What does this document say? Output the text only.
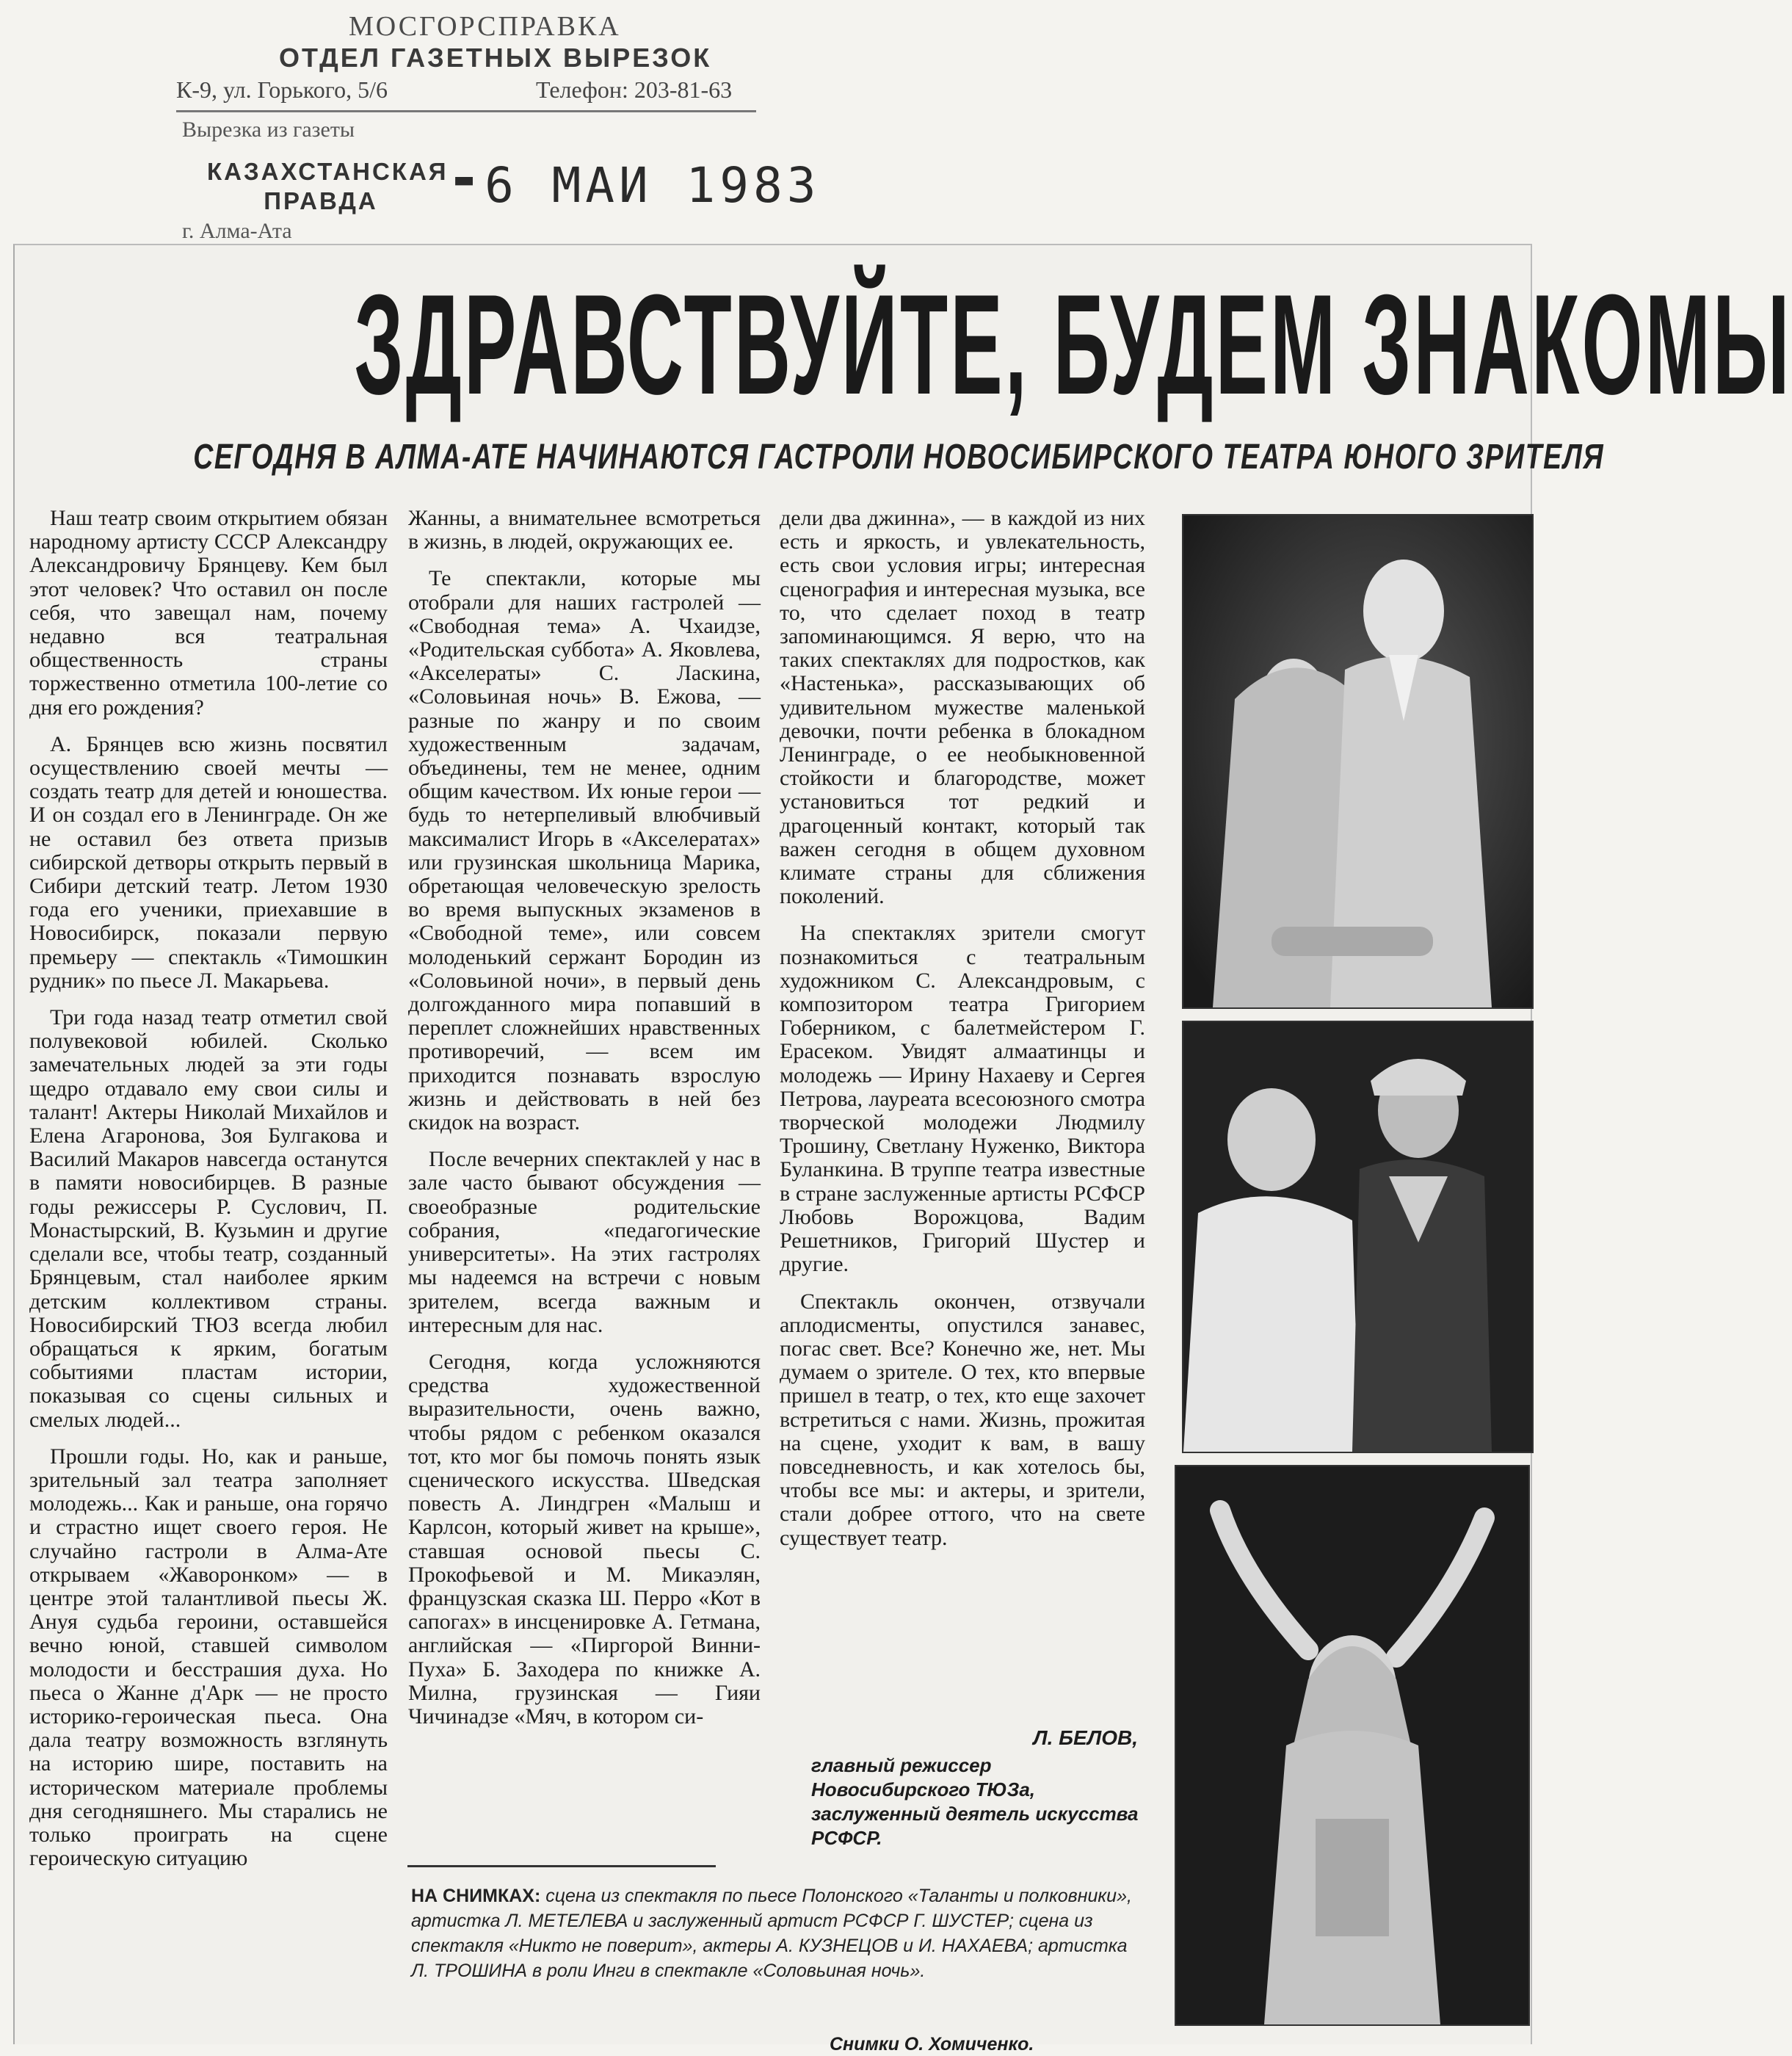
МОСГОРСПРАВКА
ОТДЕЛ ГАЗЕТНЫХ ВЫРЕЗОК
К-9, ул. Горького, 5/6	Телефон: 203-81-63
Вырезка из газеты
КАЗАХСТАНСКАЯ
ПРАВДА
г. Алма-Ата
▬ 6 МАИ 1983
ЗДРАВСТВУЙТЕ, БУДЕМ ЗНАКОМЫ
СЕГОДНЯ В АЛМА-АТЕ НАЧИНАЮТСЯ ГАСТРОЛИ НОВОСИБИРСКОГО ТЕАТРА ЮНОГО ЗРИТЕЛЯ

Наш театр своим открытием обязан народному артисту СССР Александру Александровичу Брянцеву. Кем был этот человек? Что оставил он после себя, что завещал нам, почему недавно вся театральная общественность страны торжественно отметила 100-летие со дня его рождения?

А. Брянцев всю жизнь посвятил осуществлению своей мечты — создать театр для детей и юношества. И он создал его в Ленинграде. Он же не оставил без ответа призыв сибирской детворы открыть первый в Сибири детский театр. Летом 1930 года его ученики, приехавшие в Новосибирск, показали первую премьеру — спектакль «Тимошкин рудник» по пьесе Л. Макарьева.

Три года назад театр отметил свой полувековой юбилей. Сколько замечательных людей за эти годы щедро отдавало ему свои силы и талант! Актеры Николай Михайлов и Елена Агаронова, Зоя Булгакова и Василий Макаров навсегда останутся в памяти новосибирцев. В разные годы режиссеры Р. Суслович, П. Монастырский, В. Кузьмин и другие сделали все, чтобы театр, созданный Брянцевым, стал наиболее ярким детским коллективом страны. Новосибирский ТЮЗ всегда любил обращаться к ярким, богатым событиями пластам истории, показывая со сцены сильных и смелых людей...

Прошли годы. Но, как и раньше, зрительный зал театра заполняет молодежь... Как и раньше, она горячо и страстно ищет своего героя. Не случайно гастроли в Алма-Ате открываем «Жаворонком» — в центре этой талантливой пьесы Ж. Ануя судьба героини, оставшейся вечно юной, ставшей символом молодости и бесстрашия духа. Но пьеса о Жанне д'Арк — не просто историко-героическая пьеса. Она дала театру возможность взглянуть на историю шире, поставить на историческом материале проблемы дня сегодняшнего. Мы старались не только проиграть на сцене героическую ситуацию

Жанны, а внимательнее всмотреться в жизнь, в людей, окружающих ее.

Те спектакли, которые мы отобрали для наших гастролей — «Свободная тема» А. Чхаидзе, «Родительская суббота» А. Яковлева, «Акселераты» С. Ласкина, «Соловьиная ночь» В. Ежова, — разные по жанру и по своим художественным задачам, объединены, тем не менее, одним общим качеством. Их юные герои — будь то нетерпеливый влюбчивый максималист Игорь в «Акселератах» или грузинская школьница Марика, обретающая человеческую зрелость во время выпускных экзаменов в «Свободной теме», или совсем молоденький сержант Бородин из «Соловьиной ночи», в первый день долгожданного мира попавший в переплет сложнейших нравственных противоречий, — всем им приходится познавать взрослую жизнь и действовать в ней без скидок на возраст.

После вечерних спектаклей у нас в зале часто бывают обсуждения — своеобразные родительские собрания, «педагогические университеты». На этих гастролях мы надеемся на встречи с новым зрителем, всегда важным и интересным для нас.

Сегодня, когда усложняются средства художественной выразительности, очень важно, чтобы рядом с ребенком оказался тот, кто мог бы помочь понять язык сценического искусства. Шведская повесть А. Линдгрен «Малыш и Карлсон, который живет на крыше», ставшая основой пьесы С. Прокофьевой и М. Микаэлян, французская сказка Ш. Перро «Кот в сапогах» в инсценировке А. Гетмана, английская — «Пиргорой Винни-Пуха» Б. Заходера по книжке А. Милна, грузинская — Гияи Чичинадзе «Мяч, в котором си-

дели два джинна», — в каждой из них есть и яркость, и увлекательность, есть свои условия игры; интересная сценография и интересная музыка, все то, что сделает поход в театр запоминающимся. Я верю, что на таких спектаклях для подростков, как «Настенька», рассказывающих об удивительном мужестве маленькой девочки, почти ребенка в блокадном Ленинграде, о ее необыкновенной стойкости и благородстве, может установиться тот редкий и драгоценный контакт, который так важен сегодня в общем духовном климате страны для сближения поколений.

На спектаклях зрители смогут познакомиться с театральным художником С. Александровым, с композитором театра Григорием Гоберником, с балетмейстером Г. Ерасеком. Увидят алмаатинцы и молодежь — Ирину Нахаеву и Сергея Петрова, лауреата всесоюзного смотра творческой молодежи Людмилу Трошину, Светлану Нуженко, Виктора Буланкина. В труппе театра известные в стране заслуженные артисты РСФСР Любовь Ворожцова, Вадим Решетников, Григорий Шустер и другие.

Спектакль окончен, отзвучали аплодисменты, опустился занавес, погас свет. Все? Конечно же, нет. Мы думаем о зрителе. О тех, кто впервые пришел в театр, о тех, кто еще захочет встретиться с нами. Жизнь, прожитая на сцене, уходит к вам, в вашу повседневность, и как хотелось бы, чтобы все мы: и актеры, и зрители, стали добрее оттого, что на свете существует театр.

Л. БЕЛОВ,
главный режиссер Новосибирского ТЮЗа, заслуженный деятель искусства РСФСР.
НА СНИМКАХ: сцена из спектакля по пьесе Полонского «Таланты и полковники», артистка Л. МЕТЕЛЕВА и заслуженный артист РСФСР Г. ШУСТЕР; сцена из спектакля «Никто не поверит», актеры А. КУЗНЕЦОВ и И. НАХАЕВА; артистка Л. ТРОШИНА в роли Инги в спектакле «Соловьиная ночь».
Снимки О. Хомиченко.
